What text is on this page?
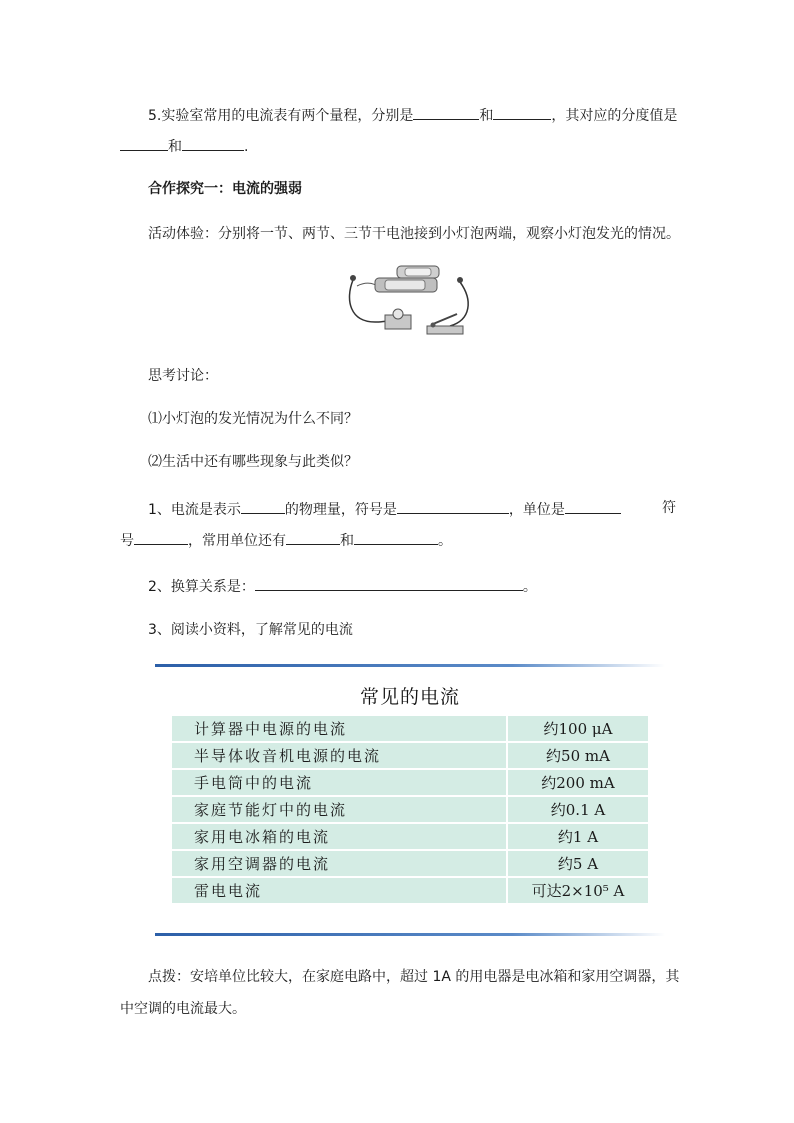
5.实验室常用的电流表有两个量程，分别是	和	，其对应的分度值是
和	.
合作探究一：电流的强弱
活动体验：分别将一节、两节、三节干电池接到小灯泡两端，观察小灯泡发光的情况。
思考讨论：
⑴小灯泡的发光情况为什么不同？
⑵生活中还有哪些现象与此类似？
1、电流是表示	的物理量，符号是	，单位是	符
号	，常用单位还有	和	。
2、换算关系是：	。
3、阅读小资料，了解常见的电流
常见的电流
计算器中电源的电流	约100 μA
半导体收音机电源的电流	约50 mA
手电筒中的电流	约200 mA
家庭节能灯中的电流	约0.1 A
家用电冰箱的电流	约1 A
家用空调器的电流	约5 A
雷电电流	可达2×10⁵ A
点拨：安培单位比较大，在家庭电路中，超过 1A 的用电器是电冰箱和家用空调器，其
中空调的电流最大。
